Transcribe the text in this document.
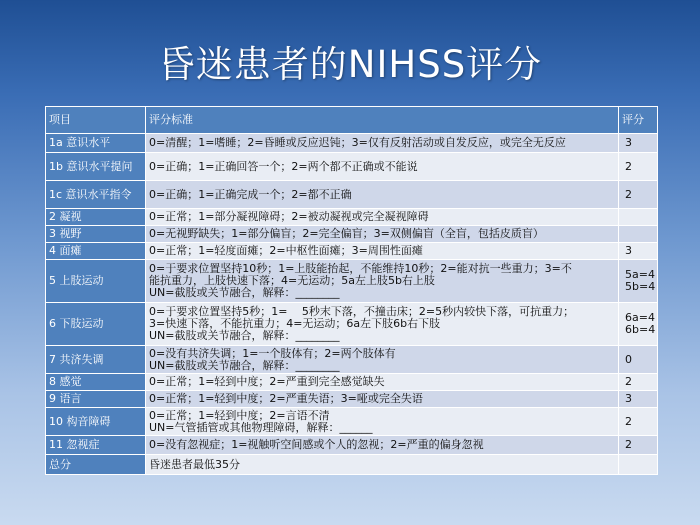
昏迷患者的NIHSS评分
项目	评分标准	评分
1a 意识水平	0=清醒；1=嗜睡；2=昏睡或反应迟钝；3=仅有反射活动或自发反应，或完全无反应	3

1b 意识水平提问	0=正确；1=正确回答一个；2=两个都不正确或不能说	2

1c 意识水平指令	0=正确；1=正确完成一个；2=都不正确	2

2 凝视	0=正常；1=部分凝视障碍；2=被动凝视或完全凝视障碍	

3 视野	0=无视野缺失；1=部分偏盲；2=完全偏盲；3=双侧偏盲（全盲，包括皮质盲）	

4 面瘫	0=正常；1=轻度面瘫；2=中枢性面瘫；3=周围性面瘫	3

5 上肢运动	0=于要求位置坚持10秒；1=上肢能抬起，不能维持10秒；2=能对抗一些重力；3=不
能抗重力，上肢快速下落；4=无运动；5a左上肢5b右上肢
UN=截肢或关节融合，解释：________	5a=4
5b=4

6 下肢运动	0=于要求位置坚持5秒；1=　 5秒末下落，不撞击床；2=5秒内较快下落，可抗重力；
3=快速下落，不能抗重力；4=无运动；6a左下肢6b右下肢
UN=截肢或关节融合，解释：________	6a=4
6b=4

7 共济失调	0=没有共济失调；1=一个肢体有；2=两个肢体有
UN=截肢或关节融合，解释：________	0

8 感觉	0=正常；1=轻到中度；2=严重到完全感觉缺失	2

9 语言	0=正常；1=轻到中度；2=严重失语；3=哑或完全失语	3

10 构音障碍	0=正常；1=轻到中度；2=言语不清
UN=气管插管或其他物理障碍，解释：______	2

11 忽视症	0=没有忽视症；1=视触听空间感或个人的忽视；2=严重的偏身忽视	2

总分	昏迷患者最低35分	
